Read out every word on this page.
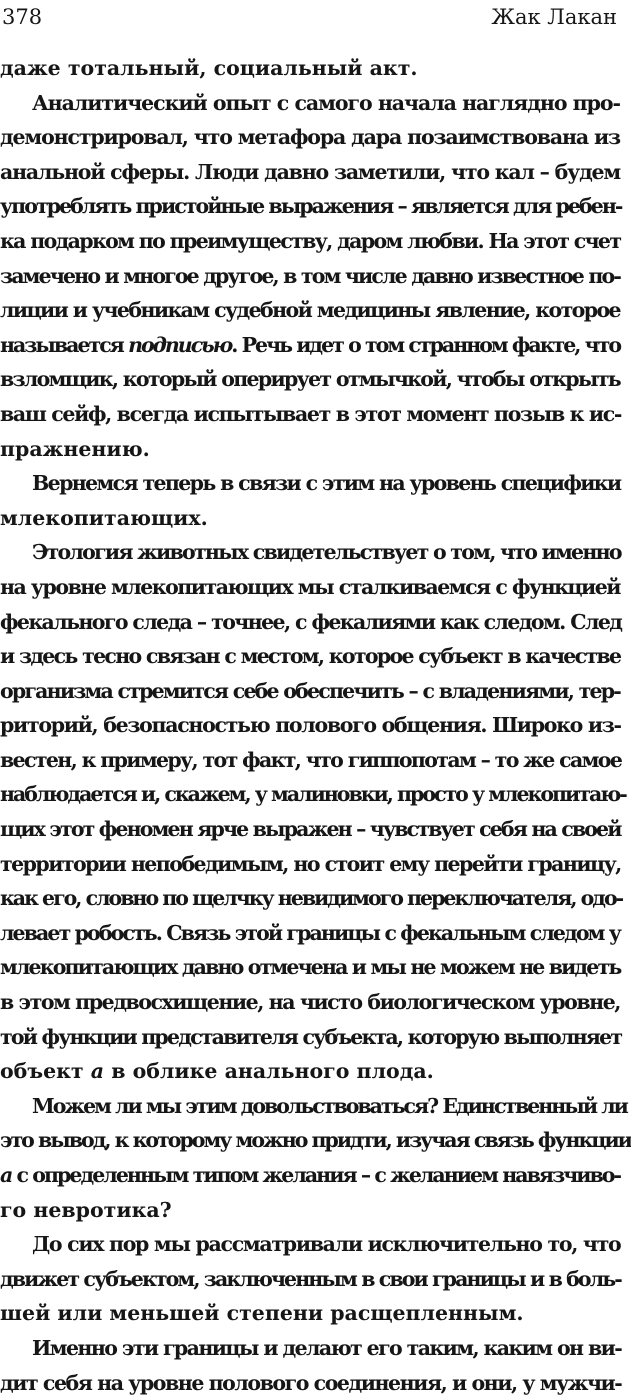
378	Жак Лакан
даже тотальный, социальный акт.
Аналитический опыт с самого начала наглядно про-
демонстрировал, что метафора дара позаимствована из
анальной сферы. Люди давно заметили, что кал – будем
употреблять пристойные выражения – является для ребен-
ка подарком по преимуществу, даром любви. На этот счет
замечено и многое другое, в том числе давно известное по-
лиции и учебникам судебной медицины явление, которое
называется подписью. Речь идет о том странном факте, что
взломщик, который оперирует отмычкой, чтобы открыть
ваш сейф, всегда испытывает в этот момент позыв к ис-
пражнению.
Вернемся теперь в связи с этим на уровень специфики
млекопитающих.
Этология животных свидетельствует о том, что именно
на уровне млекопитающих мы сталкиваемся с функцией
фекального следа – точнее, с фекалиями как следом. След
и здесь тесно связан с местом, которое субъект в качестве
организма стремится себе обеспечить – с владениями, тер-
риторий, безопасностью полового общения. Широко из-
вестен, к примеру, тот факт, что гиппопотам – то же самое
наблюдается и, скажем, у малиновки, просто у млекопитаю-
щих этот феномен ярче выражен – чувствует себя на своей
территории непобедимым, но стоит ему перейти границу,
как его, словно по щелчку невидимого переключателя, одо-
левает робость. Связь этой границы с фекальным следом у
млекопитающих давно отмечена и мы не можем не видеть
в этом предвосхищение, на чисто биологическом уровне,
той функции представителя субъекта, которую выполняет
объект а в облике анального плода.
Можем ли мы этим довольствоваться? Единственный ли
это вывод, к которому можно придти, изучая связь функции
а с определенным типом желания – с желанием навязчиво-
го невротика?
До сих пор мы рассматривали исключительно то, что
движет субъектом, заключенным в свои границы и в боль-
шей или меньшей степени расщепленным.
Именно эти границы и делают его таким, каким он ви-
дит себя на уровне полового соединения, и они, у мужчи-
